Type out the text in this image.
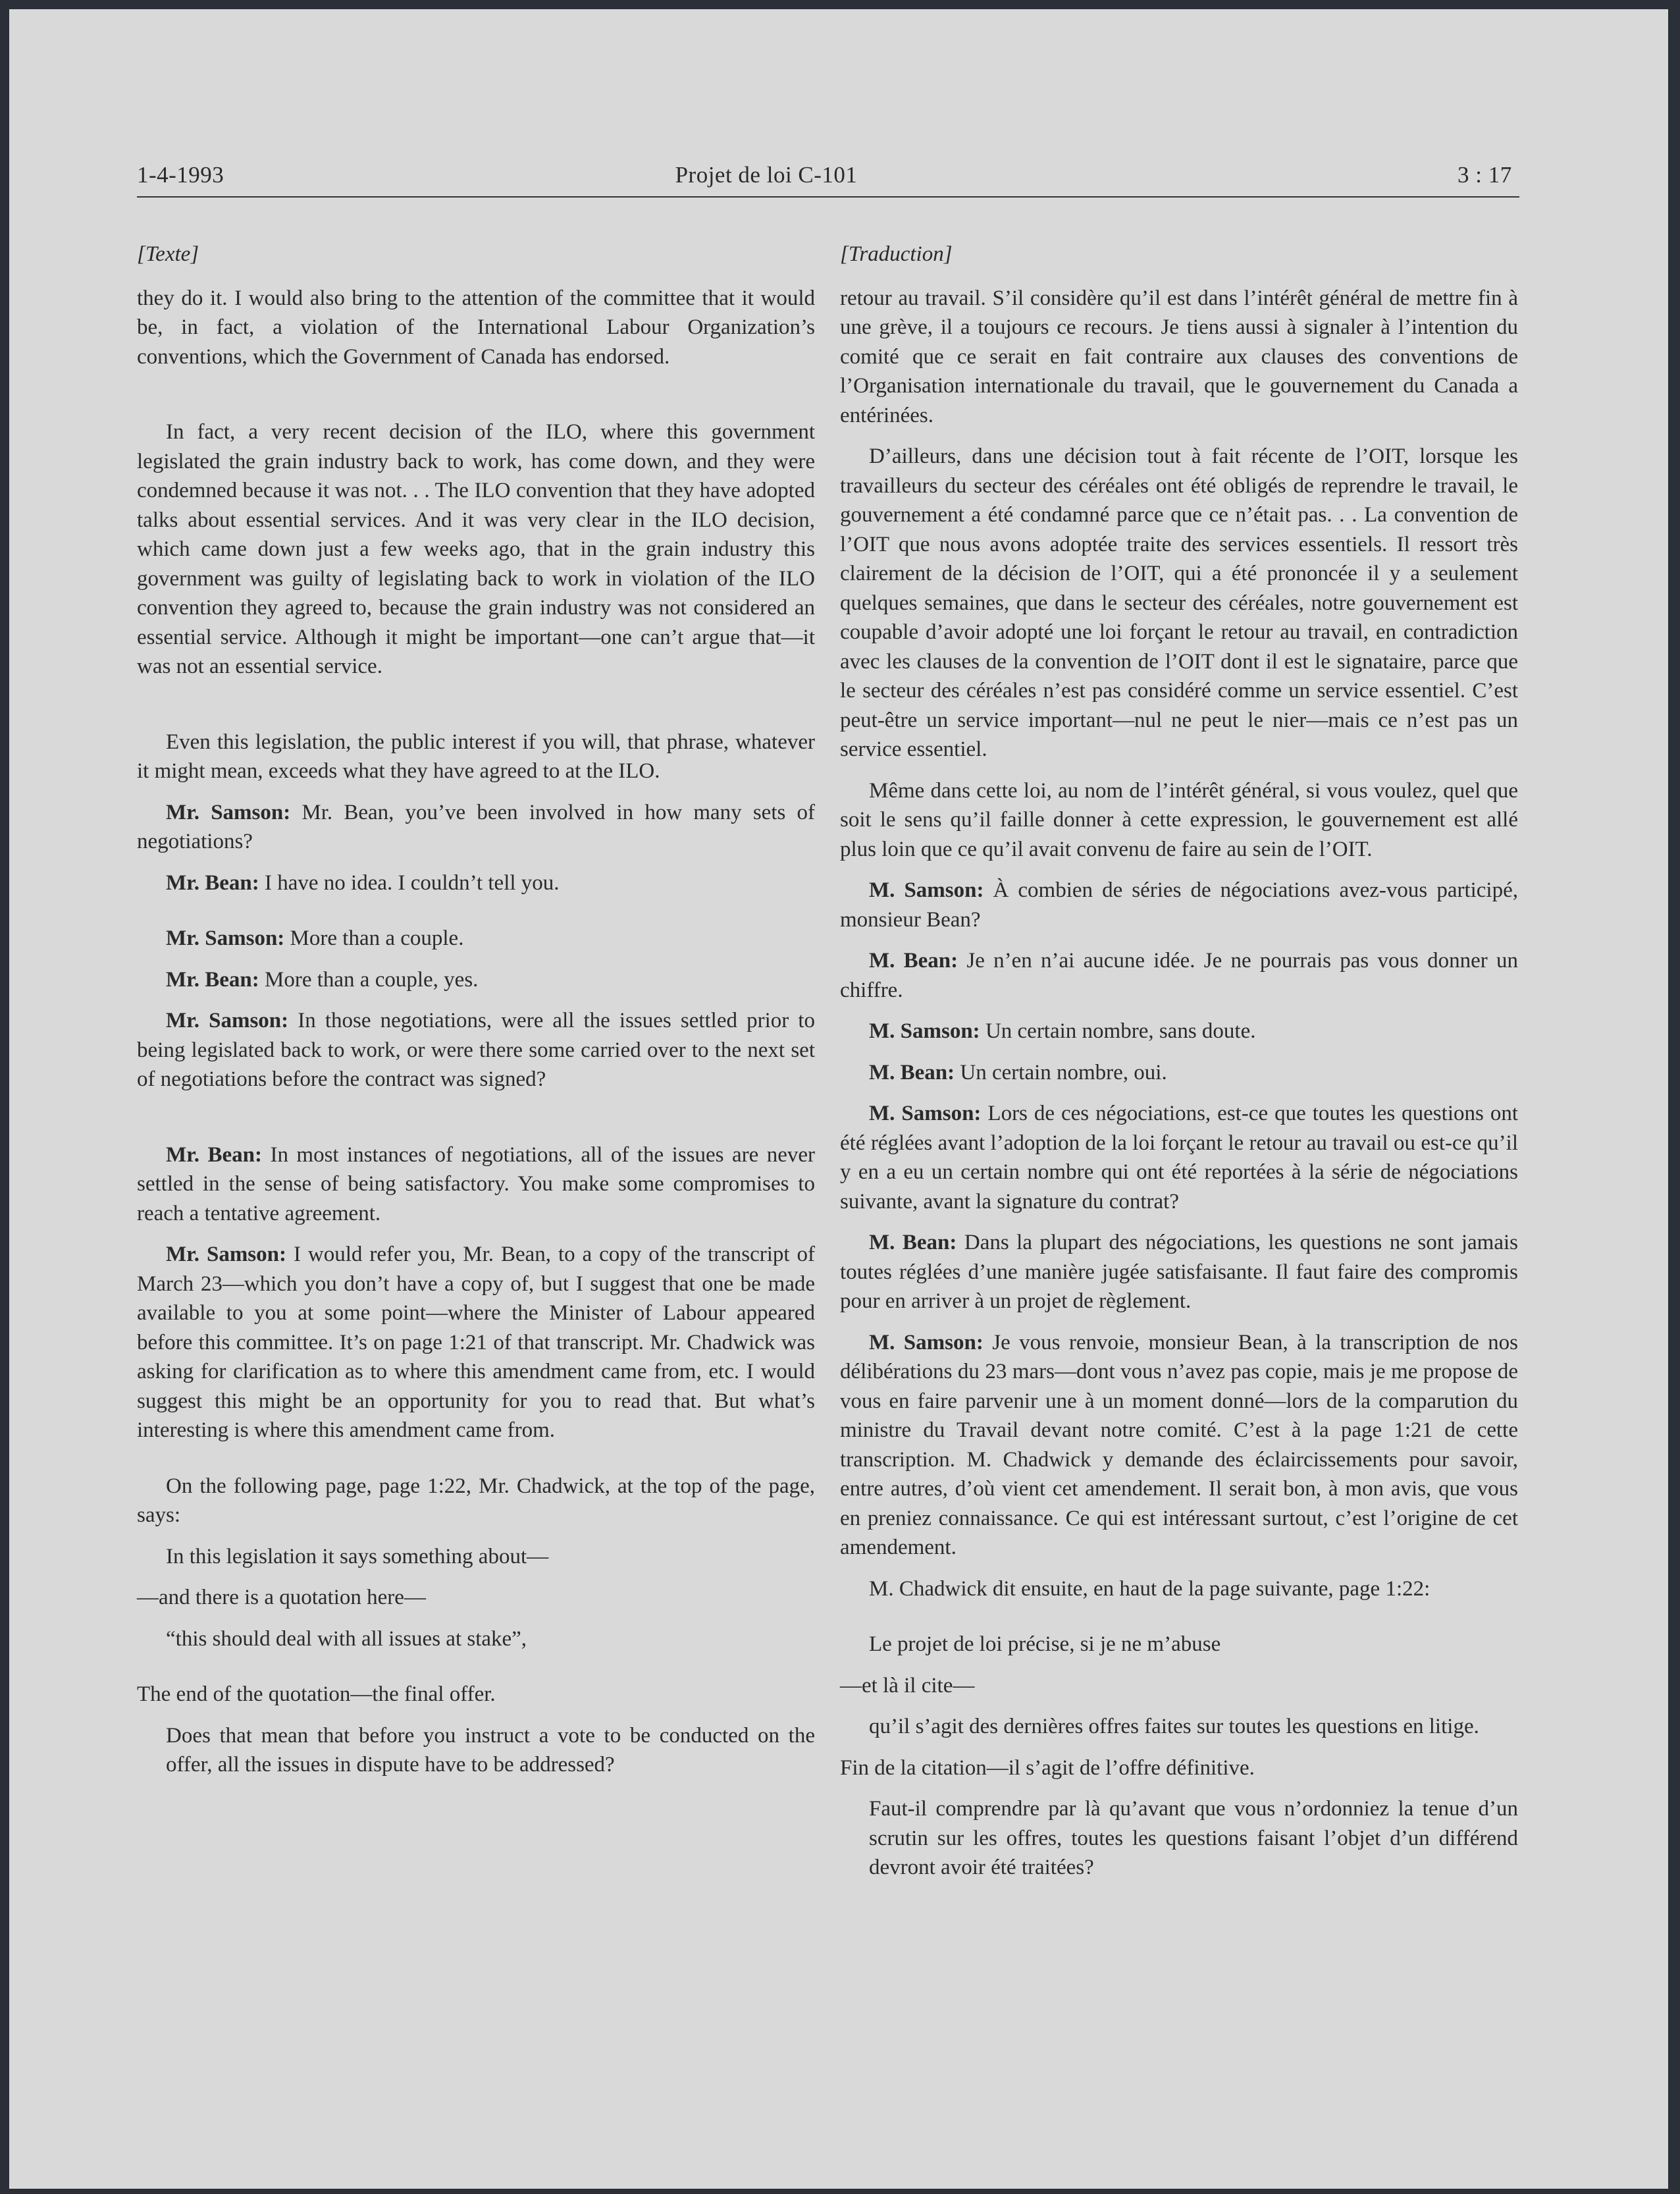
1-4-1993	Projet de loi C-101	3 : 17

[Texte]

they do it. I would also bring to the attention of the committee that it would be, in fact, a violation of the International Labour Organization’s conventions, which the Government of Canada has endorsed.

In fact, a very recent decision of the ILO, where this government legislated the grain industry back to work, has come down, and they were condemned because it was not. . . The ILO convention that they have adopted talks about essential services. And it was very clear in the ILO decision, which came down just a few weeks ago, that in the grain industry this government was guilty of legislating back to work in violation of the ILO convention they agreed to, because the grain industry was not considered an essential service. Although it might be important—one can’t argue that—it was not an essential service.

Even this legislation, the public interest if you will, that phrase, whatever it might mean, exceeds what they have agreed to at the ILO.

Mr. Samson: Mr. Bean, you’ve been involved in how many sets of negotiations?

Mr. Bean: I have no idea. I couldn’t tell you.

Mr. Samson: More than a couple.

Mr. Bean: More than a couple, yes.

Mr. Samson: In those negotiations, were all the issues settled prior to being legislated back to work, or were there some carried over to the next set of negotiations before the contract was signed?

Mr. Bean: In most instances of negotiations, all of the issues are never settled in the sense of being satisfactory. You make some compromises to reach a tentative agreement.

Mr. Samson: I would refer you, Mr. Bean, to a copy of the transcript of March 23—which you don’t have a copy of, but I suggest that one be made available to you at some point—where the Minister of Labour appeared before this committee. It’s on page 1:21 of that transcript. Mr. Chadwick was asking for clarification as to where this amendment came from, etc. I would suggest this might be an opportunity for you to read that. But what’s interesting is where this amendment came from.

On the following page, page 1:22, Mr. Chadwick, at the top of the page, says:

In this legislation it says something about—

—and there is a quotation here—

“this should deal with all issues at stake”,

The end of the quotation—the final offer.

Does that mean that before you instruct a vote to be conducted on the offer, all the issues in dispute have to be addressed?

[Traduction]

retour au travail. S’il considère qu’il est dans l’intérêt général de mettre fin à une grève, il a toujours ce recours. Je tiens aussi à signaler à l’intention du comité que ce serait en fait contraire aux clauses des conventions de l’Organisation internationale du travail, que le gouvernement du Canada a entérinées.

D’ailleurs, dans une décision tout à fait récente de l’OIT, lorsque les travailleurs du secteur des céréales ont été obligés de reprendre le travail, le gouvernement a été condamné parce que ce n’était pas. . . La convention de l’OIT que nous avons adoptée traite des services essentiels. Il ressort très clairement de la décision de l’OIT, qui a été prononcée il y a seulement quelques semaines, que dans le secteur des céréales, notre gouvernement est coupable d’avoir adopté une loi forçant le retour au travail, en contradiction avec les clauses de la convention de l’OIT dont il est le signataire, parce que le secteur des céréales n’est pas considéré comme un service essentiel. C’est peut-être un service important—nul ne peut le nier—mais ce n’est pas un service essentiel.

Même dans cette loi, au nom de l’intérêt général, si vous voulez, quel que soit le sens qu’il faille donner à cette expression, le gouvernement est allé plus loin que ce qu’il avait convenu de faire au sein de l’OIT.

M. Samson: À combien de séries de négociations avez-vous participé, monsieur Bean?

M. Bean: Je n’en n’ai aucune idée. Je ne pourrais pas vous donner un chiffre.

M. Samson: Un certain nombre, sans doute.

M. Bean: Un certain nombre, oui.

M. Samson: Lors de ces négociations, est-ce que toutes les questions ont été réglées avant l’adoption de la loi forçant le retour au travail ou est-ce qu’il y en a eu un certain nombre qui ont été reportées à la série de négociations suivante, avant la signature du contrat?

M. Bean: Dans la plupart des négociations, les questions ne sont jamais toutes réglées d’une manière jugée satisfaisante. Il faut faire des compromis pour en arriver à un projet de règlement.

M. Samson: Je vous renvoie, monsieur Bean, à la transcription de nos délibérations du 23 mars—dont vous n’avez pas copie, mais je me propose de vous en faire parvenir une à un moment donné—lors de la comparution du ministre du Travail devant notre comité. C’est à la page 1:21 de cette transcription. M. Chadwick y demande des éclaircissements pour savoir, entre autres, d’où vient cet amendement. Il serait bon, à mon avis, que vous en preniez connaissance. Ce qui est intéressant surtout, c’est l’origine de cet amendement.

M. Chadwick dit ensuite, en haut de la page suivante, page 1:22:

Le projet de loi précise, si je ne m’abuse

—et là il cite—

qu’il s’agit des dernières offres faites sur toutes les questions en litige.

Fin de la citation—il s’agit de l’offre définitive.

Faut-il comprendre par là qu’avant que vous n’ordonniez la tenue d’un scrutin sur les offres, toutes les questions faisant l’objet d’un différend devront avoir été traitées?
